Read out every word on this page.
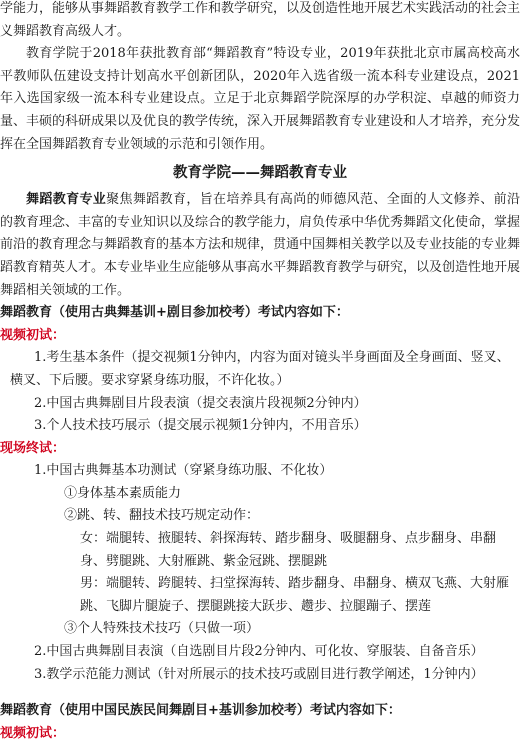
学能力，能够从事舞蹈教育教学工作和教学研究，以及创造性地开展艺术实践活动的社会主义舞蹈教育高级人才。

教育学院于2018年获批教育部“舞蹈教育”特设专业，2019年获批北京市属高校高水平教师队伍建设支持计划高水平创新团队，2020年入选省级一流本科专业建设点，2021年入选国家级一流本科专业建设点。立足于北京舞蹈学院深厚的办学积淀、卓越的师资力量、丰硕的科研成果以及优良的教学传统，深入开展舞蹈教育专业建设和人才培养，充分发挥在全国舞蹈教育专业领域的示范和引领作用。

教育学院——舞蹈教育专业

舞蹈教育专业聚焦舞蹈教育，旨在培养具有高尚的师德风范、全面的人文修养、前沿的教育理念、丰富的专业知识以及综合的教学能力，肩负传承中华优秀舞蹈文化使命，掌握前沿的教育理念与舞蹈教育的基本方法和规律，贯通中国舞相关教学以及专业技能的专业舞蹈教育精英人才。本专业毕业生应能够从事高水平舞蹈教育教学与研究，以及创造性地开展舞蹈相关领域的工作。

舞蹈教育（使用古典舞基训+剧目参加校考）考试内容如下：
视频初试：
1.考生基本条件（提交视频1分钟内，内容为面对镜头半身画面及全身画面、竖叉、横叉、下后腰。要求穿紧身练功服，不许化妆。）
2.中国古典舞剧目片段表演（提交表演片段视频2分钟内）
3.个人技术技巧展示（提交展示视频1分钟内，不用音乐）
现场终试：
1.中国古典舞基本功测试（穿紧身练功服、不化妆）
①身体基本素质能力
②跳、转、翻技术技巧规定动作：
女：端腿转、掖腿转、斜探海转、踏步翻身、吸腿翻身、点步翻身、串翻身、劈腿跳、大射雁跳、紫金冠跳、摆腿跳
男：端腿转、跨腿转、扫堂探海转、踏步翻身、串翻身、横双飞燕、大射雁跳、飞脚片腿旋子、摆腿跳接大跃步、趱步、拉腿蹦子、摆莲
③个人特殊技术技巧（只做一项）
2.中国古典舞剧目表演（自选剧目片段2分钟内、可化妆、穿服装、自备音乐）
3.教学示范能力测试（针对所展示的技术技巧或剧目进行教学阐述，1分钟内）
舞蹈教育（使用中国民族民间舞剧目+基训参加校考）考试内容如下：
视频初试：
